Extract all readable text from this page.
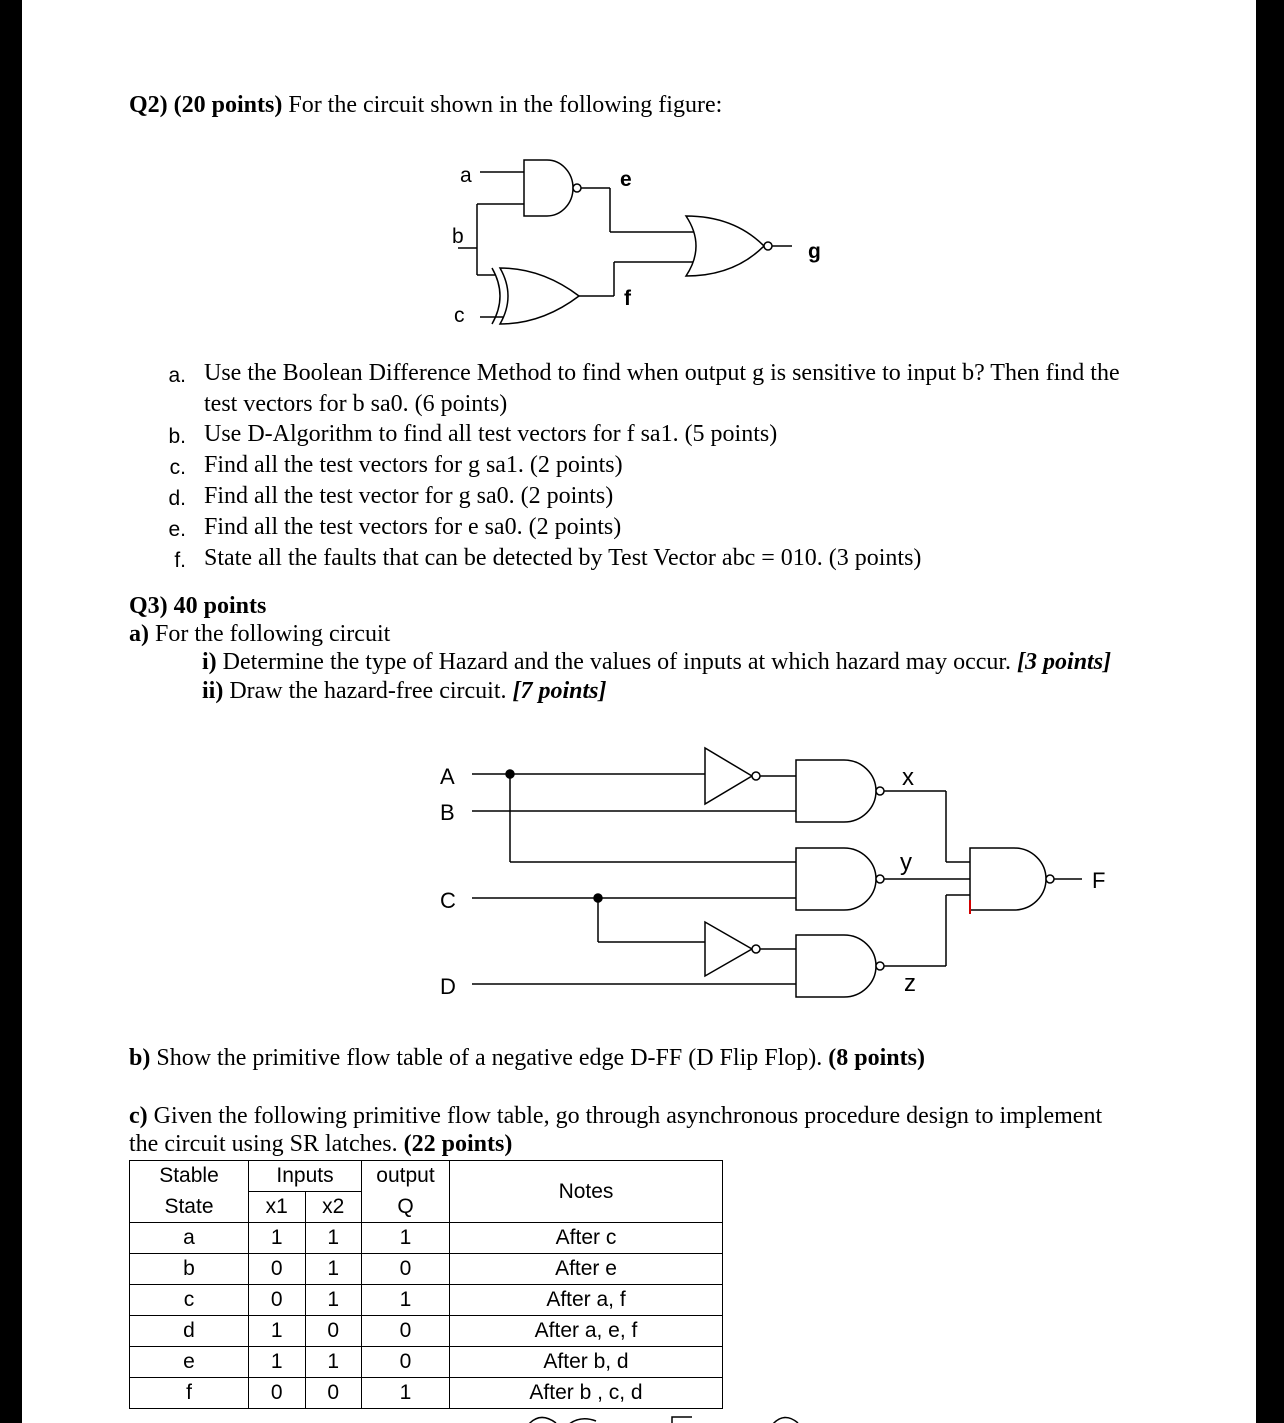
Q2) (20 points) For the circuit shown in the following figure:
a
b
c
e
f
g
a. Use the Boolean Difference Method to find when output g is sensitive to input b? Then find the
test vectors for b sa0. (6 points)
b. Use D-Algorithm to find all test vectors for f sa1. (5 points)
c. Find all the test vectors for g sa1. (2 points)
d. Find all the test vector for g sa0. (2 points)
e. Find all the test vectors for e sa0. (2 points)
f. State all the faults that can be detected by Test Vector abc = 010. (3 points)
Q3) 40 points
a) For the following circuit
i) Determine the type of Hazard and the values of inputs at which hazard may occur. [3 points]
ii) Draw the hazard-free circuit. [7 points]
A
B
C
D
x
y
z
F
b) Show the primitive flow table of a negative edge D-FF (D Flip Flop). (8 points)
c) Given the following primitive flow table, go through asynchronous procedure design to implement
the circuit using SR latches. (22 points)
Stable	Inputs		output	Notes
State	x1	x2	Q	
a	1	1	1	After c
b	0	1	0	After e
c	0	1	1	After a, f
d	1	0	0	After a, e, f
e	1	1	0	After b, d
f	0	0	1	After b , c, d
